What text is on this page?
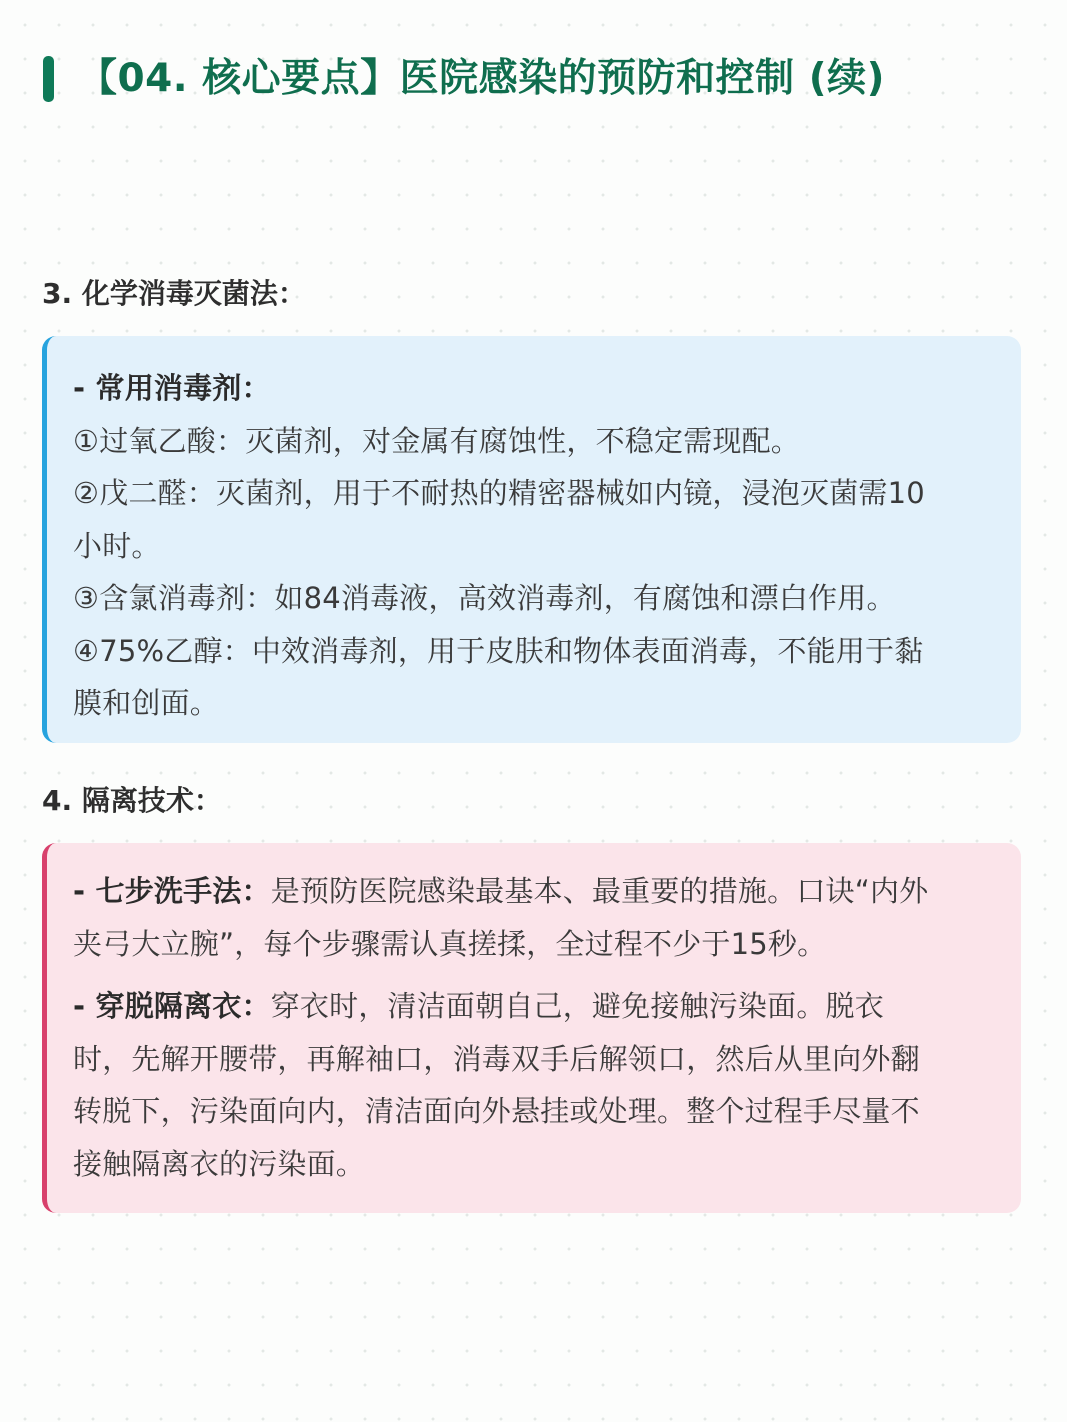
【04. 核心要点】医院感染的预防和控制 (续)
3. 化学消毒灭菌法：

- 常用消毒剂：

①过氧乙酸：灭菌剂，对金属有腐蚀性，不稳定需现配。

②戊二醛：灭菌剂，用于不耐热的精密器械如内镜，浸泡灭菌需10

小时。

③含氯消毒剂：如84消毒液，高效消毒剂，有腐蚀和漂白作用。

④75%乙醇：中效消毒剂，用于皮肤和物体表面消毒，不能用于黏

膜和创面。

4. 隔离技术：
- 七步洗手法：是预防医院感染最基本、最重要的措施。口诀“内外
夹弓大立腕”，每个步骤需认真搓揉，全过程不少于15秒。
- 穿脱隔离衣：穿衣时，清洁面朝自己，避免接触污染面。脱衣
时，先解开腰带，再解袖口，消毒双手后解领口，然后从里向外翻
转脱下，污染面向内，清洁面向外悬挂或处理。整个过程手尽量不
接触隔离衣的污染面。
